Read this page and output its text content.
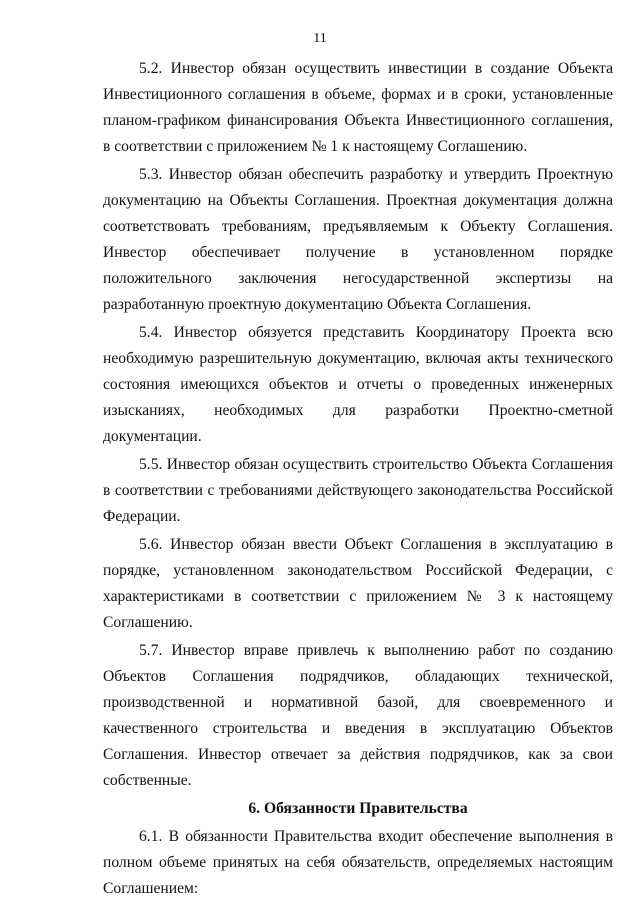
11

5.2. Инвестор обязан осуществить инвестиции в создание Объекта Инвестиционного соглашения в объеме, формах и в сроки, установленные планом-графиком финансирования Объекта Инвестиционного соглашения, в соответствии с приложением № 1 к настоящему Соглашению.

5.3. Инвестор обязан обеспечить разработку и утвердить Проектную документацию на Объекты Соглашения. Проектная документация должна соответствовать требованиям, предъявляемым к Объекту Соглашения. Инвестор обеспечивает получение в установленном порядке положительного заключения негосударственной экспертизы на разработанную проектную документацию Объекта Соглашения.

5.4. Инвестор обязуется представить Координатору Проекта всю необходимую разрешительную документацию, включая акты технического состояния имеющихся объектов и отчеты о проведенных инженерных изысканиях, необходимых для разработки Проектно-сметной документации.

5.5. Инвестор обязан осуществить строительство Объекта Соглашения в соответствии с требованиями действующего законодательства Российской Федерации.

5.6. Инвестор обязан ввести Объект Соглашения в эксплуатацию в порядке, установленном законодательством Российской Федерации, с характеристиками в соответствии с приложением № 3 к настоящему Соглашению.

5.7. Инвестор вправе привлечь к выполнению работ по созданию Объектов Соглашения подрядчиков, обладающих технической, производственной и нормативной базой, для своевременного и качественного строительства и введения в эксплуатацию Объектов Соглашения. Инвестор отвечает за действия подрядчиков, как за свои собственные.

6. Обязанности Правительства

6.1. В обязанности Правительства входит обеспечение выполнения в полном объеме принятых на себя обязательств, определяемых настоящим Соглашением:
